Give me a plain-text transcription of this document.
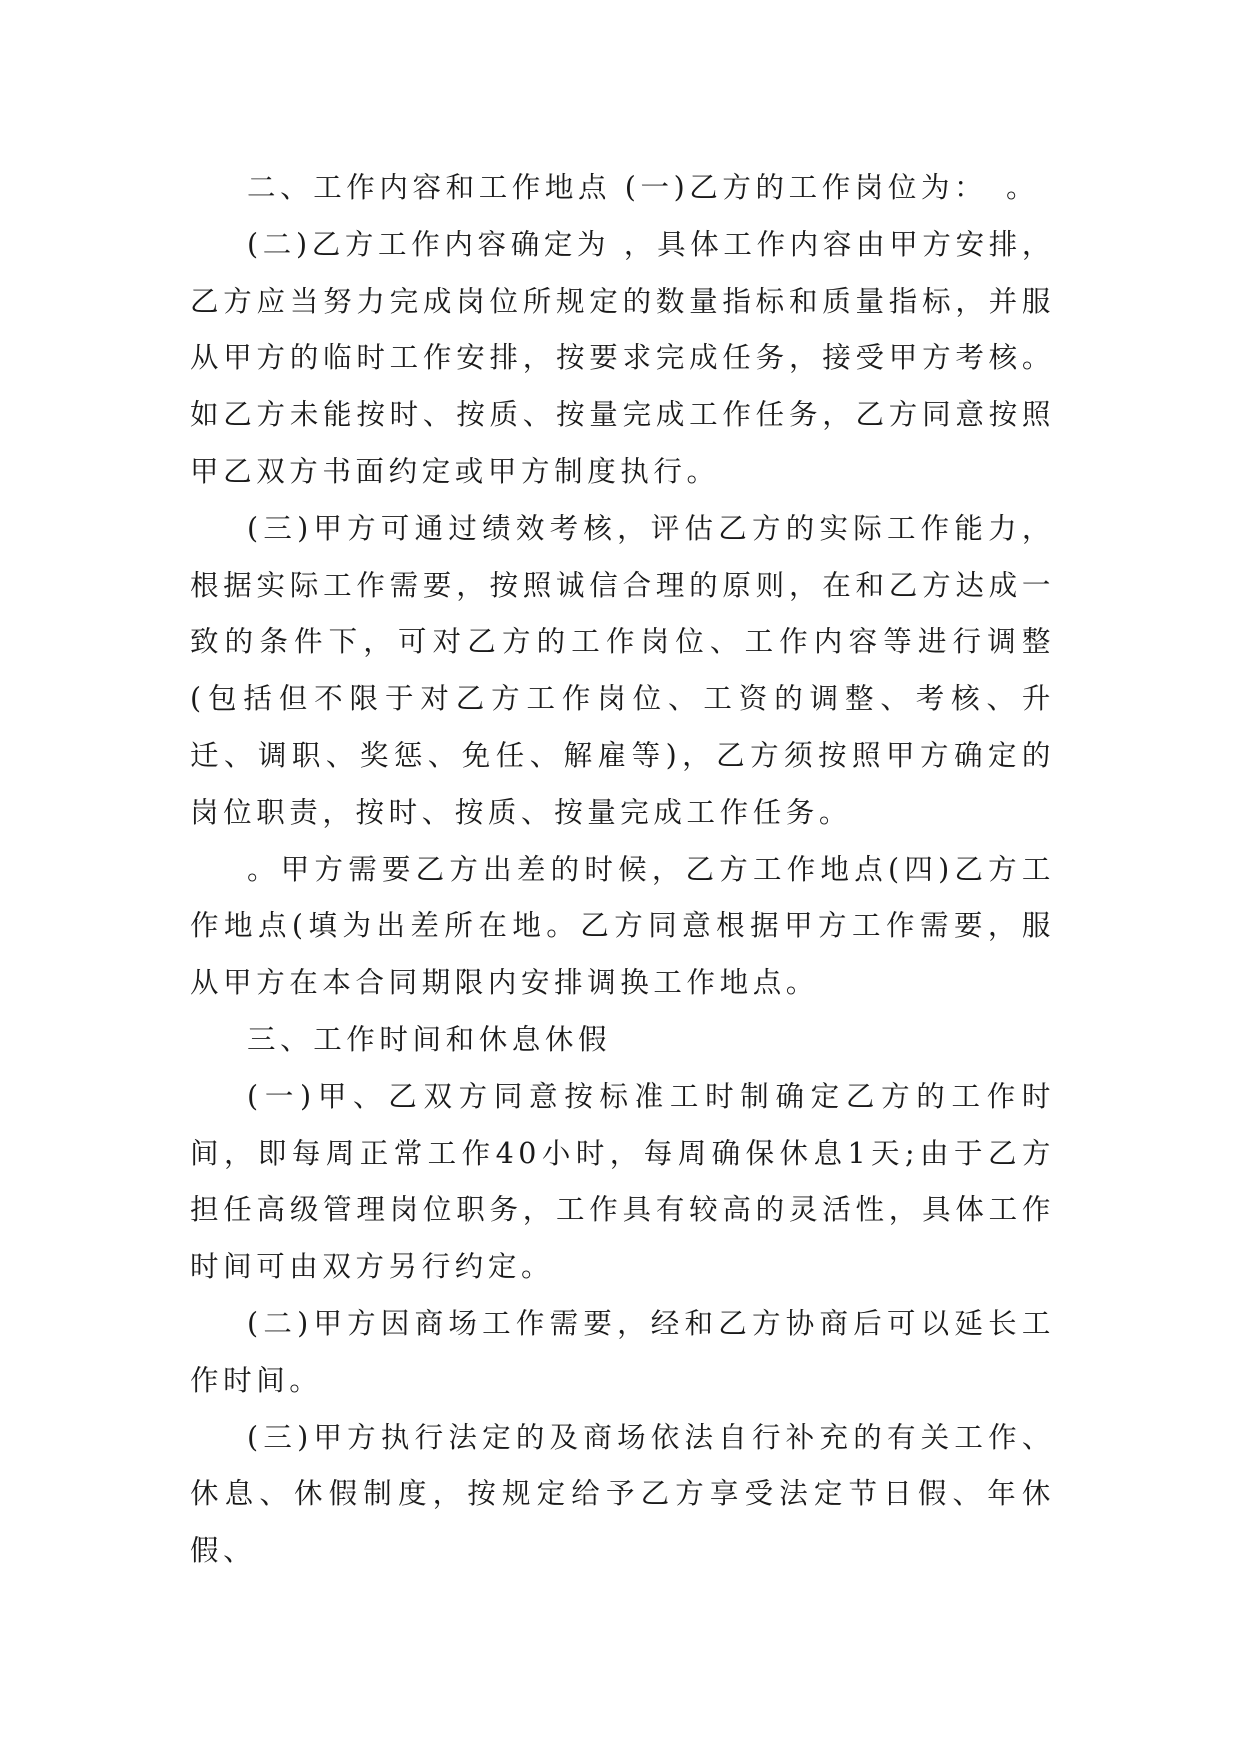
二、工作内容和工作地点 (一)乙方的工作岗位为：　。

(二)乙方工作内容确定为 ，具体工作内容由甲方安排，乙方应当努力完成岗位所规定的数量指标和质量指标，并服从甲方的临时工作安排，按要求完成任务，接受甲方考核。如乙方未能按时、按质、按量完成工作任务，乙方同意按照甲乙双方书面约定或甲方制度执行。

(三)甲方可通过绩效考核，评估乙方的实际工作能力，根据实际工作需要，按照诚信合理的原则，在和乙方达成一致的条件下，可对乙方的工作岗位、工作内容等进行调整(包括但不限于对乙方工作岗位、工资的调整、考核、升迁、调职、奖惩、免任、解雇等)，乙方须按照甲方确定的岗位职责，按时、按质、按量完成工作任务。

。甲方需要乙方出差的时候，乙方工作地点(四)乙方工作地点(填为出差所在地。乙方同意根据甲方工作需要，服从甲方在本合同期限内安排调换工作地点。

三、工作时间和休息休假

(一)甲、乙双方同意按标准工时制确定乙方的工作时间，即每周正常工作40小时，每周确保休息1天;由于乙方担任高级管理岗位职务，工作具有较高的灵活性，具体工作时间可由双方另行约定。

(二)甲方因商场工作需要，经和乙方协商后可以延长工作时间。

(三)甲方执行法定的及商场依法自行补充的有关工作、休息、休假制度，按规定给予乙方享受法定节日假、年休假、
